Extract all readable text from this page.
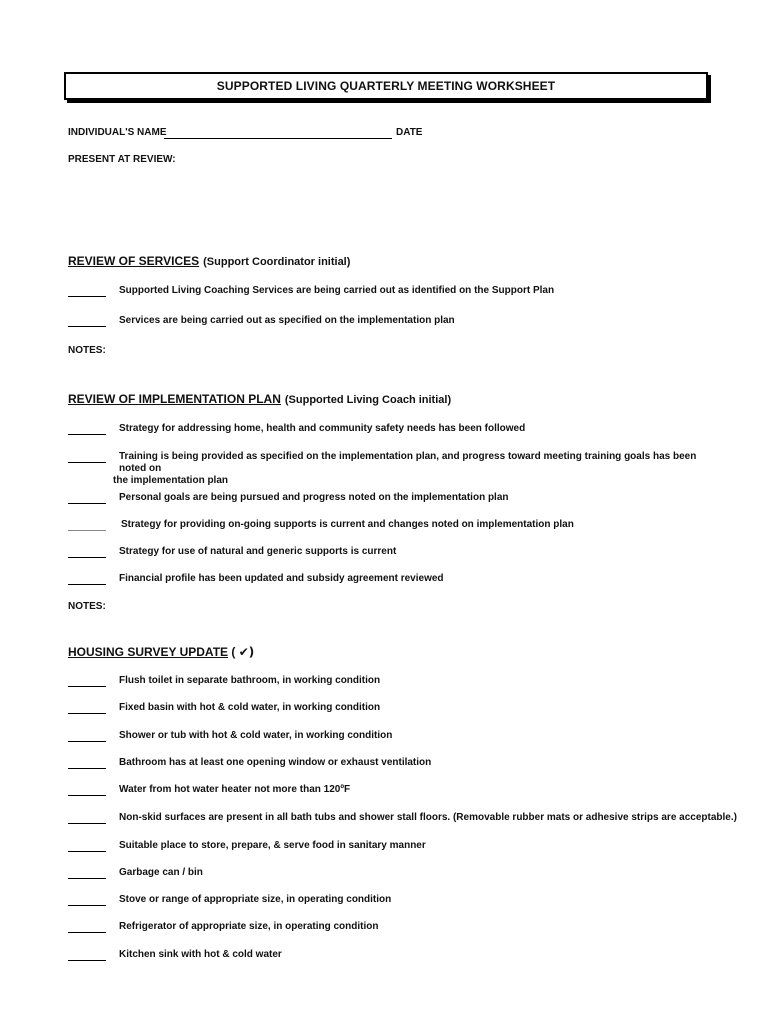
SUPPORTED LIVING QUARTERLY MEETING WORKSHEET
INDIVIDUAL'S NAME	DATE
PRESENT AT REVIEW:
REVIEW OF SERVICES (Support Coordinator initial)
Supported Living Coaching Services are being carried out as identified on the Support Plan
Services are being carried out as specified on the implementation plan
NOTES:
REVIEW OF IMPLEMENTATION PLAN (Supported Living Coach initial)
Strategy for addressing home, health and community safety needs has been followed
Training is being provided as specified on the implementation plan, and progress toward meeting training goals has been noted on
the implementation plan
Personal goals are being pursued and progress noted on the implementation plan
Strategy for providing on-going supports is current and changes noted on implementation plan
Strategy for use of natural and generic supports is current
Financial profile has been updated and subsidy agreement reviewed
NOTES:
HOUSING SURVEY UPDATE ( ✔)
Flush toilet in separate bathroom, in working condition
Fixed basin with hot & cold water, in working condition
Shower or tub with hot & cold water, in working condition
Bathroom has at least one opening window or exhaust ventilation
Water from hot water heater not more than 120ºF
Non-skid surfaces are present in all bath tubs and shower stall floors. (Removable rubber mats or adhesive strips are acceptable.)
Suitable place to store, prepare, & serve food in sanitary manner
Garbage can / bin
Stove or range of appropriate size, in operating condition
Refrigerator of appropriate size, in operating condition
Kitchen sink with hot & cold water
